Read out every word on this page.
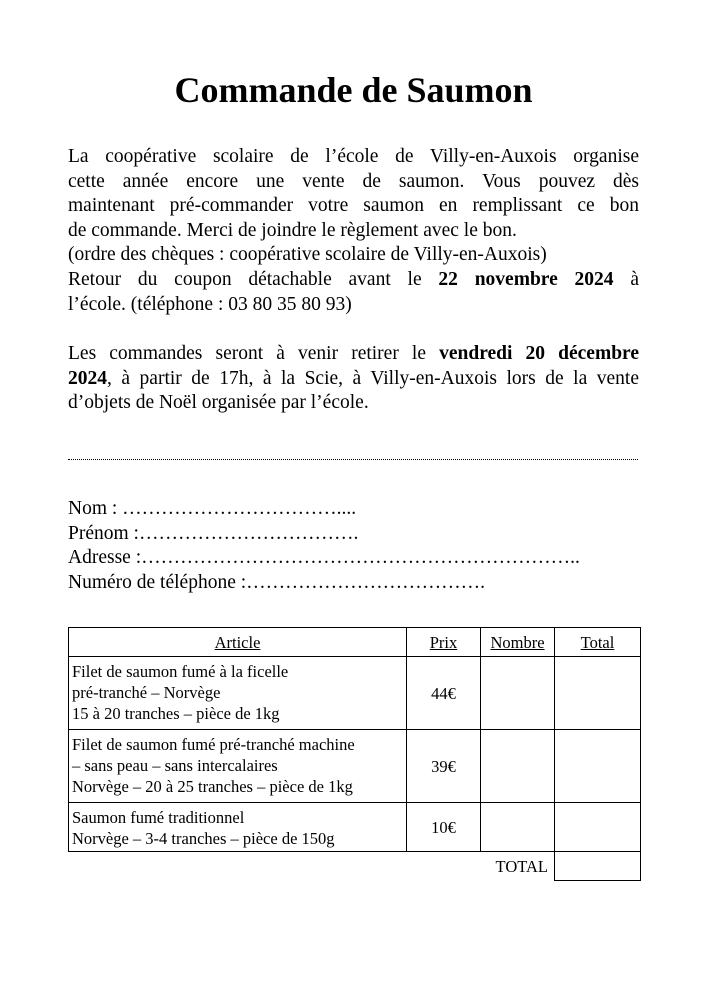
Commande de Saumon
La coopérative scolaire de l’école de Villy-en-Auxois organise
cette année encore une vente de saumon. Vous pouvez dès
maintenant pré-commander votre saumon en remplissant ce bon
de commande. Merci de joindre le règlement avec le bon.
(ordre des chèques : coopérative scolaire de Villy-en-Auxois)
Retour du coupon détachable avant le 22 novembre 2024 à
l’école. (téléphone : 03 80 35 80 93)
Les commandes seront à venir retirer le vendredi 20 décembre
2024, à partir de 17h, à la Scie, à Villy-en-Auxois lors de la vente
d’objets de Noël organisée par l’école.
Nom : ……………………………....
Prénom :…………………………….
Adresse :…………………………………………………………..
Numéro de téléphone :……………………………….
Article	Prix	Nombre	Total

Filet de saumon fumé à la ficelle
pré-tranché – Norvège
15 à 20 tranches – pièce de 1kg	44€		

Filet de saumon fumé pré-tranché machine
– sans peau – sans intercalaires
Norvège – 20 à 25 tranches – pièce de 1kg	39€		

Saumon fumé traditionnel
Norvège – 3-4 tranches – pièce de 150g	10€		
	TOTAL		
